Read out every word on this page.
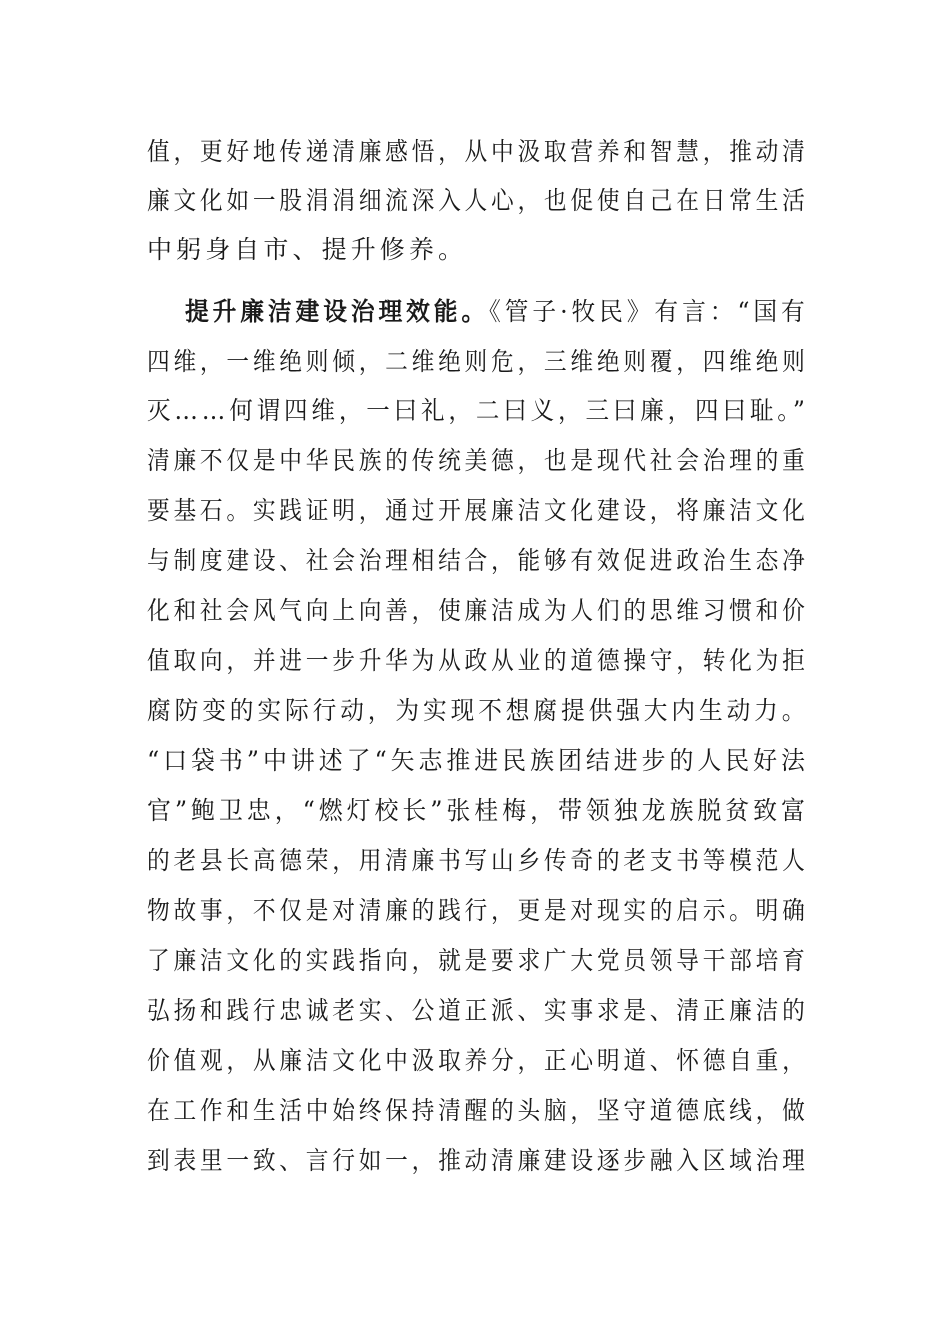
值，更好地传递清廉感悟，从中汲取营养和智慧，推动清
廉文化如一股涓涓细流深入人心，也促使自己在日常生活
中躬身自市、提升修养。
提升廉洁建设治理效能。《管子·牧民》有言：“国有
四维，一维绝则倾，二维绝则危，三维绝则覆，四维绝则
灭……何谓四维，一曰礼，二曰义，三曰廉，四曰耻。”
清廉不仅是中华民族的传统美德，也是现代社会治理的重
要基石。实践证明，通过开展廉洁文化建设，将廉洁文化
与制度建设、社会治理相结合，能够有效促进政治生态净
化和社会风气向上向善，使廉洁成为人们的思维习惯和价
值取向，并进一步升华为从政从业的道德操守，转化为拒
腐防变的实际行动，为实现不想腐提供强大内生动力。
“口袋书”中讲述了“矢志推进民族团结进步的人民好法
官”鲍卫忠，“燃灯校长”张桂梅，带领独龙族脱贫致富
的老县长高德荣，用清廉书写山乡传奇的老支书等模范人
物故事，不仅是对清廉的践行，更是对现实的启示。明确
了廉洁文化的实践指向，就是要求广大党员领导干部培育
弘扬和践行忠诚老实、公道正派、实事求是、清正廉洁的
价值观，从廉洁文化中汲取养分，正心明道、怀德自重，
在工作和生活中始终保持清醒的头脑，坚守道德底线，做
到表里一致、言行如一，推动清廉建设逐步融入区域治理
